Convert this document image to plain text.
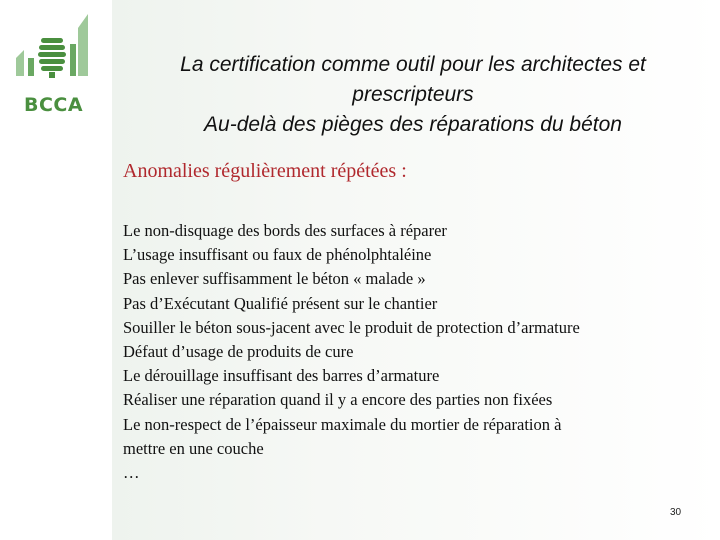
BCCA
La certification comme outil pour les architectes et
prescripteurs
Au-delà des pièges des réparations du béton
Anomalies régulièrement répétées :
Le non-disquage des bords des surfaces à réparer
L’usage insuffisant ou faux de phénolphtaléine
Pas enlever suffisamment le béton « malade »
Pas d’Exécutant Qualifié présent sur le chantier
Souiller le béton sous-jacent avec le produit de protection d’armature
Défaut d’usage de produits de cure
Le dérouillage insuffisant des barres d’armature
Réaliser une réparation quand il y a encore des parties non fixées
Le non-respect de l’épaisseur maximale du mortier de réparation à
mettre en une couche
…
30
